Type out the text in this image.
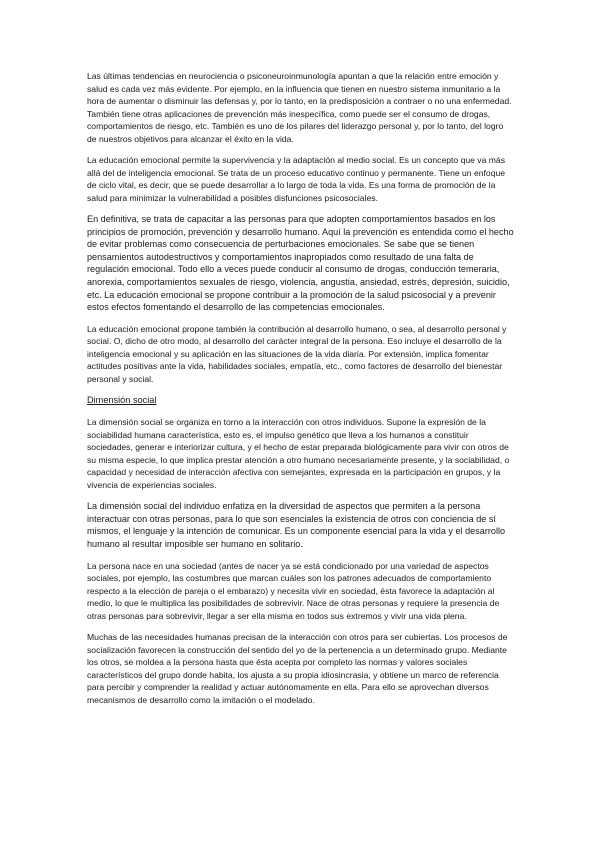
Las últimas tendencias en neurociencia o psiconeuroinmunología apuntan a que la relación entre emoción y salud es cada vez más evidente. Por ejemplo, en la influencia que tienen en nuestro sistema inmunitario a la hora de aumentar o disminuir las defensas y, por lo tanto, en la predisposición a contraer o no una enfermedad. También tiene otras aplicaciones de prevención más inespecífica, como puede ser el consumo de drogas, comportamientos de riesgo, etc. También es uno de los pilares del liderazgo personal y, por lo tanto, del logro de nuestros objetivos para alcanzar el éxito en la vida.

La educación emocional permite la supervivencia y la adaptación al medio social. Es un concepto que va más allá del de inteligencia emocional. Se trata de un proceso educativo continuo y permanente. Tiene un enfoque de ciclo vital, es decir, que se puede desarrollar a lo largo de toda la vida. Es una forma de promoción de la salud para minimizar la vulnerabilidad a posibles disfunciones psicosociales.

En definitiva, se trata de capacitar a las personas para que adopten comportamientos basados en los principios de promoción, prevención y desarrollo humano. Aquí la prevención es entendida como el hecho de evitar problemas como consecuencia de perturbaciones emocionales. Se sabe que se tienen pensamientos autodestructivos y comportamientos inapropiados como resultado de una falta de regulación emocional. Todo ello a veces puede conducir al consumo de drogas, conducción temeraria, anorexia, comportamientos sexuales de riesgo, violencia, angustia, ansiedad, estrés, depresión, suicidio, etc. La educación emocional se propone contribuir a la promoción de la salud psicosocial y a prevenir estos efectos fomentando el desarrollo de las competencias emocionales.

La educación emocional propone también la contribución al desarrollo humano, o sea, al desarrollo personal y social. O, dicho de otro modo, al desarrollo del carácter integral de la persona. Eso incluye el desarrollo de la inteligencia emocional y su aplicación en las situaciones de la vida diaria. Por extensión, implica fomentar actitudes positivas ante la vida, habilidades sociales, empatía, etc., como factores de desarrollo del bienestar personal y social.

Dimensión social

La dimensión social se organiza en torno a la interacción con otros individuos. Supone la expresión de la sociabilidad humana característica, esto es, el impulso genético que lleva a los humanos a constituir sociedades, generar e interiorizar cultura, y el hecho de estar preparada biológicamente para vivir con otros de su misma especie, lo que implica prestar atención a otro humano necesariamente presente, y la sociabilidad, o capacidad y necesidad de interacción afectiva con semejantes, expresada en la participación en grupos, y la vivencia de experiencias sociales.

La dimensión social del individuo enfatiza en la diversidad de aspectos que permiten a la persona interactuar con otras personas, para lo que son esenciales la existencia de otros con conciencia de sí mismos, el lenguaje y la intención de comunicar. Es un componente esencial para la vida y el desarrollo humano al resultar imposible ser humano en solitario.

La persona nace en una sociedad (antes de nacer ya se está condicionado por una variedad de aspectos sociales, por ejemplo, las costumbres que marcan cuáles son los patrones adecuados de comportamiento respecto a la elección de pareja o el embarazo) y necesita vivir en sociedad, ésta favorece la adaptación al medio, lo que le multiplica las posibilidades de sobrevivir. Nace de otras personas y requiere la presencia de otras personas para sobrevivir, llegar a ser ella misma en todos sus extremos y vivir una vida plena.

Muchas de las necesidades humanas precisan de la interacción con otros para ser cubiertas. Los procesos de socialización favorecen la construcción del sentido del yo de la pertenencia a un determinado grupo. Mediante los otros, se moldea a la persona hasta que ésta acepta por completo las normas y valores sociales característicos del grupo donde habita, los ajusta a su propia idiosincrasia, y obtiene un marco de referencia para percibir y comprender la realidad y actuar autónomamente en ella. Para ello se aprovechan diversos mecanismos de desarrollo como la imitación o el modelado.
